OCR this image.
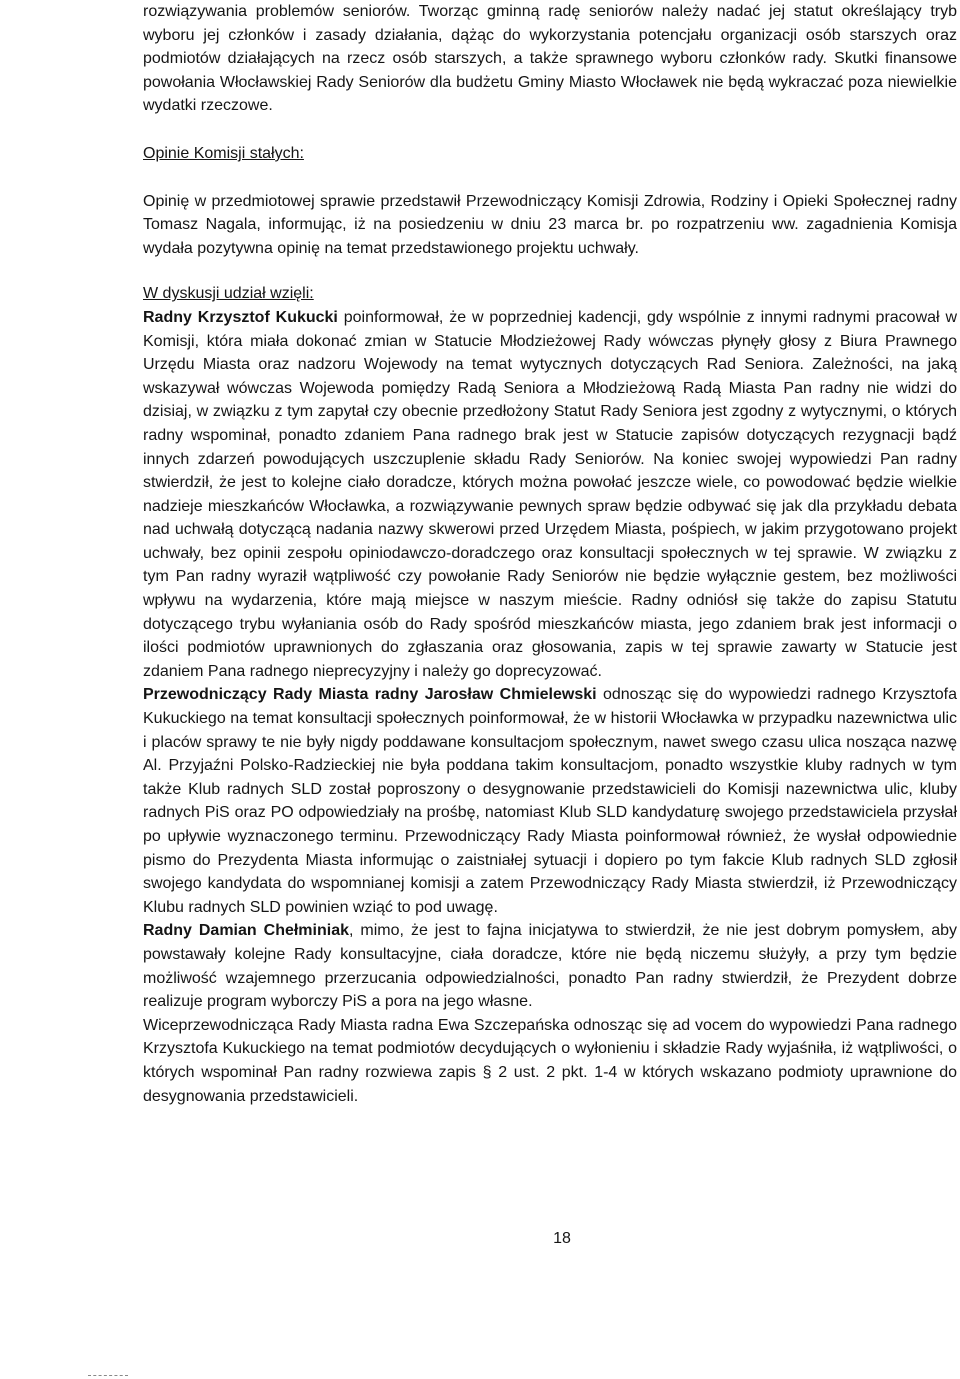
rozwiązywania problemów seniorów. Tworząc gminną radę seniorów należy nadać jej statut określający tryb wyboru jej członków i zasady działania, dążąc do wykorzystania potencjału organizacji osób starszych oraz podmiotów działających na rzecz osób starszych, a także sprawnego wyboru członków rady. Skutki finansowe powołania Włocławskiej Rady Seniorów dla budżetu Gminy Miasto Włocławek nie będą wykraczać poza niewielkie wydatki rzeczowe.

Opinie Komisji stałych:

Opinię w przedmiotowej sprawie przedstawił Przewodniczący Komisji Zdrowia, Rodziny i Opieki Społecznej radny Tomasz Nagala, informując, iż na posiedzeniu w dniu 23 marca br. po rozpatrzeniu ww. zagadnienia Komisja wydała pozytywna opinię na temat przedstawionego projektu uchwały.

W dyskusji udział wzięli:

Radny Krzysztof Kukucki poinformował, że w poprzedniej kadencji, gdy wspólnie z innymi radnymi pracował w Komisji, która miała dokonać zmian w Statucie Młodzieżowej Rady wówczas płynęły głosy z Biura Prawnego Urzędu Miasta oraz nadzoru Wojewody na temat wytycznych dotyczących Rad Seniora. Zależności, na jaką wskazywał wówczas Wojewoda pomiędzy Radą Seniora a Młodzieżową Radą Miasta Pan radny nie widzi do dzisiaj, w związku z tym zapytał czy obecnie przedłożony Statut Rady Seniora jest zgodny z wytycznymi, o których radny wspominał, ponadto zdaniem Pana radnego brak jest w Statucie zapisów dotyczących rezygnacji bądź innych zdarzeń powodujących uszczuplenie składu Rady Seniorów. Na koniec swojej wypowiedzi Pan radny stwierdził, że jest to kolejne ciało doradcze, których można powołać jeszcze wiele, co powodować będzie wielkie nadzieje mieszkańców Włocławka, a rozwiązywanie pewnych spraw będzie odbywać się jak dla przykładu debata nad uchwałą dotyczącą nadania nazwy skwerowi przed Urzędem Miasta, pośpiech, w jakim przygotowano projekt uchwały, bez opinii zespołu opiniodawczo-doradczego oraz konsultacji społecznych w tej sprawie. W związku z tym Pan radny wyraził wątpliwość czy powołanie Rady Seniorów nie będzie wyłącznie gestem, bez możliwości wpływu na wydarzenia, które mają miejsce w naszym mieście. Radny odniósł się także do zapisu Statutu dotyczącego trybu wyłaniania osób do Rady spośród mieszkańców miasta, jego zdaniem brak jest informacji o ilości podmiotów uprawnionych do zgłaszania oraz głosowania, zapis w tej sprawie zawarty w Statucie jest zdaniem Pana radnego nieprecyzyjny i należy go doprecyzować.

Przewodniczący Rady Miasta radny Jarosław Chmielewski odnosząc się do wypowiedzi radnego Krzysztofa Kukuckiego na temat konsultacji społecznych poinformował, że w historii Włocławka w przypadku nazewnictwa ulic i placów sprawy te nie były nigdy poddawane konsultacjom społecznym, nawet swego czasu ulica nosząca nazwę Al. Przyjaźni Polsko-Radzieckiej nie była poddana takim konsultacjom, ponadto wszystkie kluby radnych w tym także Klub radnych SLD został poproszony o desygnowanie przedstawicieli do Komisji nazewnictwa ulic, kluby radnych PiS oraz PO odpowiedziały na prośbę, natomiast Klub SLD kandydaturę swojego przedstawiciela przysłał po upływie wyznaczonego terminu. Przewodniczący Rady Miasta poinformował również, że wysłał odpowiednie pismo do Prezydenta Miasta informując o zaistniałej sytuacji i dopiero po tym fakcie Klub radnych SLD zgłosił swojego kandydata do wspomnianej komisji a zatem Przewodniczący Rady Miasta stwierdził, iż Przewodniczący Klubu radnych SLD powinien wziąć to pod uwagę.

Radny Damian Chełminiak, mimo, że jest to fajna inicjatywa to stwierdził, że nie jest dobrym pomysłem, aby powstawały kolejne Rady konsultacyjne, ciała doradcze, które nie będą niczemu służyły, a przy tym będzie możliwość wzajemnego przerzucania odpowiedzialności, ponadto Pan radny stwierdził, że Prezydent dobrze realizuje program wyborczy PiS a pora na jego własne.

Wiceprzewodnicząca Rady Miasta radna Ewa Szczepańska odnosząc się ad vocem do wypowiedzi Pana radnego Krzysztofa Kukuckiego na temat podmiotów decydujących o wyłonieniu i składzie Rady wyjaśniła, iż wątpliwości, o których wspominał Pan radny rozwiewa zapis § 2 ust. 2 pkt. 1-4 w których wskazano podmioty uprawnione do desygnowania przedstawicieli.

18
